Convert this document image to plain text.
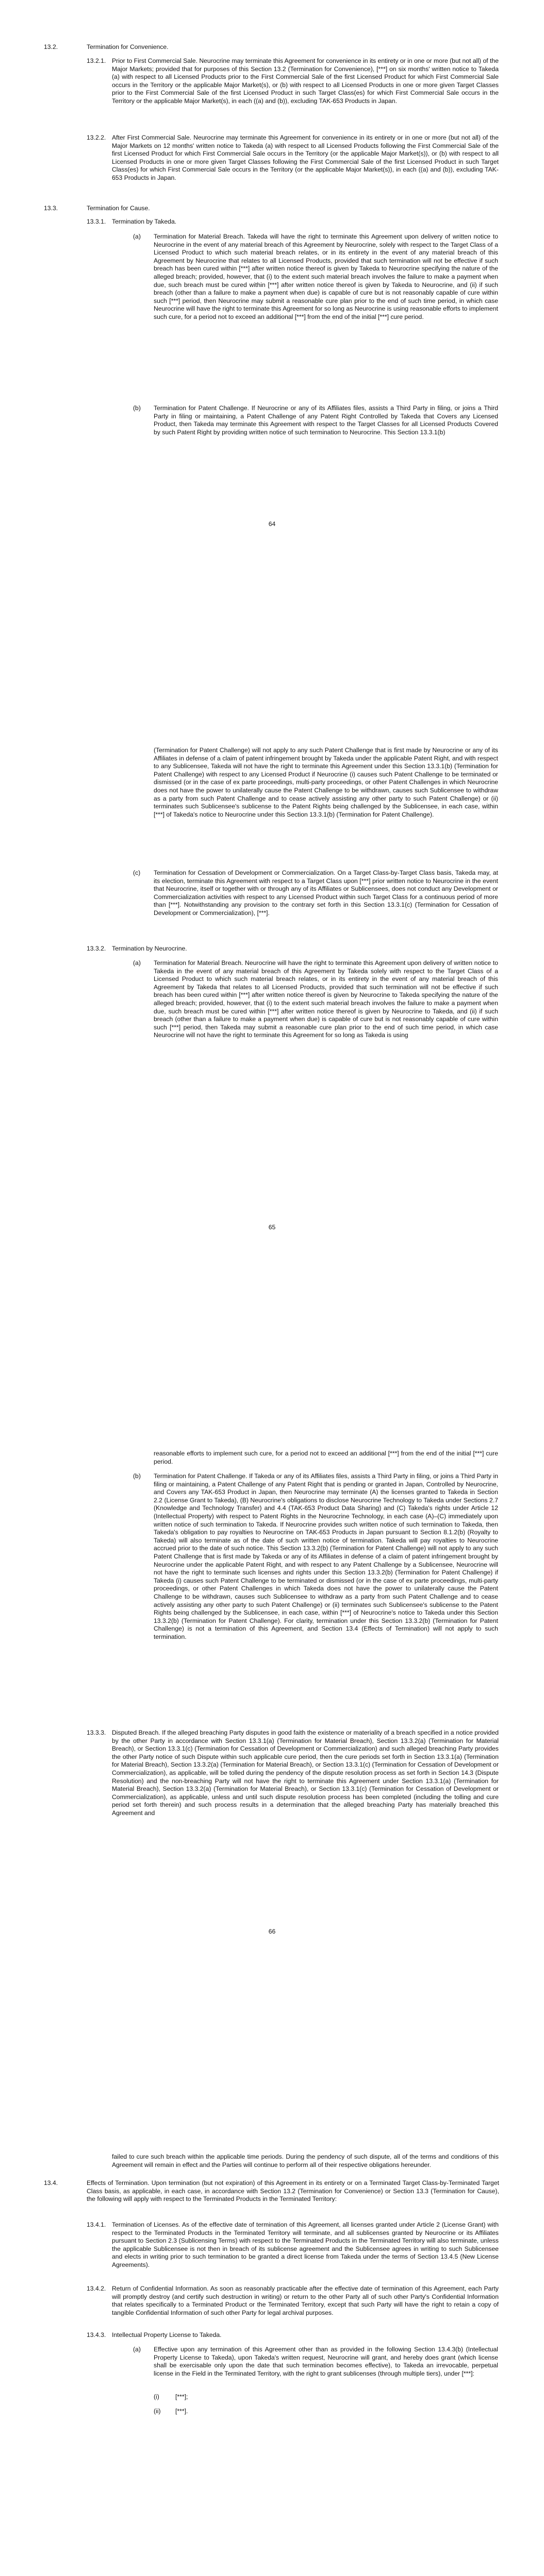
13.2.	Termination for Convenience.
13.2.1. Prior to First Commercial Sale. Neurocrine may terminate this Agreement for convenience in its entirety or in one or more (but not all) of the Major Markets; provided that for purposes of this Section 13.2 (Termination for Convenience), [***] on six months' written notice to Takeda (a) with respect to all Licensed Products prior to the First Commercial Sale of the first Licensed Product for which First Commercial Sale occurs in the Territory or the applicable Major Market(s), or (b) with respect to all Licensed Products in one or more given Target Classes prior to the First Commercial Sale of the first Licensed Product in such Target Class(es) for which First Commercial Sale occurs in the Territory or the applicable Major Market(s), in each ((a) and (b)), excluding TAK-653 Products in Japan.
13.2.2. After First Commercial Sale. Neurocrine may terminate this Agreement for convenience in its entirety or in one or more (but not all) of the Major Markets on 12 months' written notice to Takeda (a) with respect to all Licensed Products following the First Commercial Sale of the first Licensed Product for which First Commercial Sale occurs in the Territory (or the applicable Major Market(s)), or (b) with respect to all Licensed Products in one or more given Target Classes following the First Commercial Sale of the first Licensed Product in such Target Class(es) for which First Commercial Sale occurs in the Territory (or the applicable Major Market(s)), in each ((a) and (b)), excluding TAK-653 Products in Japan.
13.3.	Termination for Cause.
13.3.1. Termination by Takeda.
(a) Termination for Material Breach. Takeda will have the right to terminate this Agreement upon delivery of written notice to Neurocrine in the event of any material breach of this Agreement by Neurocrine, solely with respect to the Target Class of a Licensed Product to which such material breach relates, or in its entirety in the event of any material breach of this Agreement by Neurocrine that relates to all Licensed Products, provided that such termination will not be effective if such breach has been cured within [***] after written notice thereof is given by Takeda to Neurocrine specifying the nature of the alleged breach; provided, however, that (i) to the extent such material breach involves the failure to make a payment when due, such breach must be cured within [***] after written notice thereof is given by Takeda to Neurocrine, and (ii) if such breach (other than a failure to make a payment when due) is capable of cure but is not reasonably capable of cure within such [***] period, then Neurocrine may submit a reasonable cure plan prior to the end of such time period, in which case Neurocrine will have the right to terminate this Agreement for so long as Neurocrine is using reasonable efforts to implement such cure, for a period not to exceed an additional [***] from the end of the initial [***] cure period.
(b) Termination for Patent Challenge. If Neurocrine or any of its Affiliates files, assists a Third Party in filing, or joins a Third Party in filing or maintaining, a Patent Challenge of any Patent Right Controlled by Takeda that Covers any Licensed Product, then Takeda may terminate this Agreement with respect to the Target Classes for all Licensed Products Covered by such Patent Right by providing written notice of such termination to Neurocrine. This Section 13.3.1(b)
64
(Termination for Patent Challenge) will not apply to any such Patent Challenge that is first made by Neurocrine or any of its Affiliates in defense of a claim of patent infringement brought by Takeda under the applicable Patent Right, and with respect to any Sublicensee, Takeda will not have the right to terminate this Agreement under this Section 13.3.1(b) (Termination for Patent Challenge) with respect to any Licensed Product if Neurocrine (i) causes such Patent Challenge to be terminated or dismissed (or in the case of ex parte proceedings, multi-party proceedings, or other Patent Challenges in which Neurocrine does not have the power to unilaterally cause the Patent Challenge to be withdrawn, causes such Sublicensee to withdraw as a party from such Patent Challenge and to cease actively assisting any other party to such Patent Challenge) or (ii) terminates such Sublicensee's sublicense to the Patent Rights being challenged by the Sublicensee, in each case, within [***] of Takeda's notice to Neurocrine under this Section 13.3.1(b) (Termination for Patent Challenge).
(c) Termination for Cessation of Development or Commercialization. On a Target Class-by-Target Class basis, Takeda may, at its election, terminate this Agreement with respect to a Target Class upon [***] prior written notice to Neurocrine in the event that Neurocrine, itself or together with or through any of its Affiliates or Sublicensees, does not conduct any Development or Commercialization activities with respect to any Licensed Product within such Target Class for a continuous period of more than [***]. Notwithstanding any provision to the contrary set forth in this Section 13.3.1(c) (Termination for Cessation of Development or Commercialization), [***].
13.3.2. Termination by Neurocrine.
(a) Termination for Material Breach. Neurocrine will have the right to terminate this Agreement upon delivery of written notice to Takeda in the event of any material breach of this Agreement by Takeda solely with respect to the Target Class of a Licensed Product to which such material breach relates, or in its entirety in the event of any material breach of this Agreement by Takeda that relates to all Licensed Products, provided that such termination will not be effective if such breach has been cured within [***] after written notice thereof is given by Neurocrine to Takeda specifying the nature of the alleged breach; provided, however, that (i) to the extent such material breach involves the failure to make a payment when due, such breach must be cured within [***] after written notice thereof is given by Neurocrine to Takeda, and (ii) if such breach (other than a failure to make a payment when due) is capable of cure but is not reasonably capable of cure within such [***] period, then Takeda may submit a reasonable cure plan prior to the end of such time period, in which case Neurocrine will not have the right to terminate this Agreement for so long as Takeda is using
65
reasonable efforts to implement such cure, for a period not to exceed an additional [***] from the end of the initial [***] cure period.
(b) Termination for Patent Challenge. If Takeda or any of its Affiliates files, assists a Third Party in filing, or joins a Third Party in filing or maintaining, a Patent Challenge of any Patent Right that is pending or granted in Japan, Controlled by Neurocrine, and Covers any TAK-653 Product in Japan, then Neurocrine may terminate (A) the licenses granted to Takeda in Section 2.2 (License Grant to Takeda), (B) Neurocrine's obligations to disclose Neurocrine Technology to Takeda under Sections 2.7 (Knowledge and Technology Transfer) and 4.4 (TAK-653 Product Data Sharing) and (C) Takeda's rights under Article 12 (Intellectual Property) with respect to Patent Rights in the Neurocrine Technology, in each case (A)–(C) immediately upon written notice of such termination to Takeda. If Neurocrine provides such written notice of such termination to Takeda, then Takeda's obligation to pay royalties to Neurocrine on TAK-653 Products in Japan pursuant to Section 8.1.2(b) (Royalty to Takeda) will also terminate as of the date of such written notice of termination. Takeda will pay royalties to Neurocrine accrued prior to the date of such notice. This Section 13.3.2(b) (Termination for Patent Challenge) will not apply to any such Patent Challenge that is first made by Takeda or any of its Affiliates in defense of a claim of patent infringement brought by Neurocrine under the applicable Patent Right, and with respect to any Patent Challenge by a Sublicensee, Neurocrine will not have the right to terminate such licenses and rights under this Section 13.3.2(b) (Termination for Patent Challenge) if Takeda (i) causes such Patent Challenge to be terminated or dismissed (or in the case of ex parte proceedings, multi-party proceedings, or other Patent Challenges in which Takeda does not have the power to unilaterally cause the Patent Challenge to be withdrawn, causes such Sublicensee to withdraw as a party from such Patent Challenge and to cease actively assisting any other party to such Patent Challenge) or (ii) terminates such Sublicensee's sublicense to the Patent Rights being challenged by the Sublicensee, in each case, within [***] of Neurocrine's notice to Takeda under this Section 13.3.2(b) (Termination for Patent Challenge). For clarity, termination under this Section 13.3.2(b) (Termination for Patent Challenge) is not a termination of this Agreement, and Section 13.4 (Effects of Termination) will not apply to such termination.
13.3.3. Disputed Breach. If the alleged breaching Party disputes in good faith the existence or materiality of a breach specified in a notice provided by the other Party in accordance with Section 13.3.1(a) (Termination for Material Breach), Section 13.3.2(a) (Termination for Material Breach), or Section 13.3.1(c) (Termination for Cessation of Development or Commercialization) and such alleged breaching Party provides the other Party notice of such Dispute within such applicable cure period, then the cure periods set forth in Section 13.3.1(a) (Termination for Material Breach), Section 13.3.2(a) (Termination for Material Breach), or Section 13.3.1(c) (Termination for Cessation of Development or Commercialization), as applicable, will be tolled during the pendency of the dispute resolution process as set forth in Section 14.3 (Dispute Resolution) and the non-breaching Party will not have the right to terminate this Agreement under Section 13.3.1(a) (Termination for Material Breach), Section 13.3.2(a) (Termination for Material Breach), or Section 13.3.1(c) (Termination for Cessation of Development or Commercialization), as applicable, unless and until such dispute resolution process has been completed (including the tolling and cure period set forth therein) and such process results in a determination that the alleged breaching Party has materially breached this Agreement and
66
failed to cure such breach within the applicable time periods. During the pendency of such dispute, all of the terms and conditions of this Agreement will remain in effect and the Parties will continue to perform all of their respective obligations hereunder.
13.4.	Effects of Termination. Upon termination (but not expiration) of this Agreement in its entirety or on a Terminated Target Class-by-Terminated Target Class basis, as applicable, in each case, in accordance with Section 13.2 (Termination for Convenience) or Section 13.3 (Termination for Cause), the following will apply with respect to the Terminated Products in the Terminated Territory:
13.4.1. Termination of Licenses. As of the effective date of termination of this Agreement, all licenses granted under Article 2 (License Grant) with respect to the Terminated Products in the Terminated Territory will terminate, and all sublicenses granted by Neurocrine or its Affiliates pursuant to Section 2.3 (Sublicensing Terms) with respect to the Terminated Products in the Terminated Territory will also terminate, unless the applicable Sublicensee is not then in breach of its sublicense agreement and the Sublicensee agrees in writing to such Sublicensee and elects in writing prior to such termination to be granted a direct license from Takeda under the terms of Section 13.4.5 (New License Agreements).
13.4.2. Return of Confidential Information. As soon as reasonably practicable after the effective date of termination of this Agreement, each Party will promptly destroy (and certify such destruction in writing) or return to the other Party all of such other Party's Confidential Information that relates specifically to a Terminated Product or the Terminated Territory, except that such Party will have the right to retain a copy of tangible Confidential Information of such other Party for legal archival purposes.
13.4.3. Intellectual Property License to Takeda.
(a) Effective upon any termination of this Agreement other than as provided in the following Section 13.4.3(b) (Intellectual Property License to Takeda), upon Takeda's written request, Neurocrine will grant, and hereby does grant (which license shall be exercisable only upon the date that such termination becomes effective), to Takeda an irrevocable, perpetual license in the Field in the Terminated Territory, with the right to grant sublicenses (through multiple tiers), under [***]:
(i)	[***];
(ii) [***].
